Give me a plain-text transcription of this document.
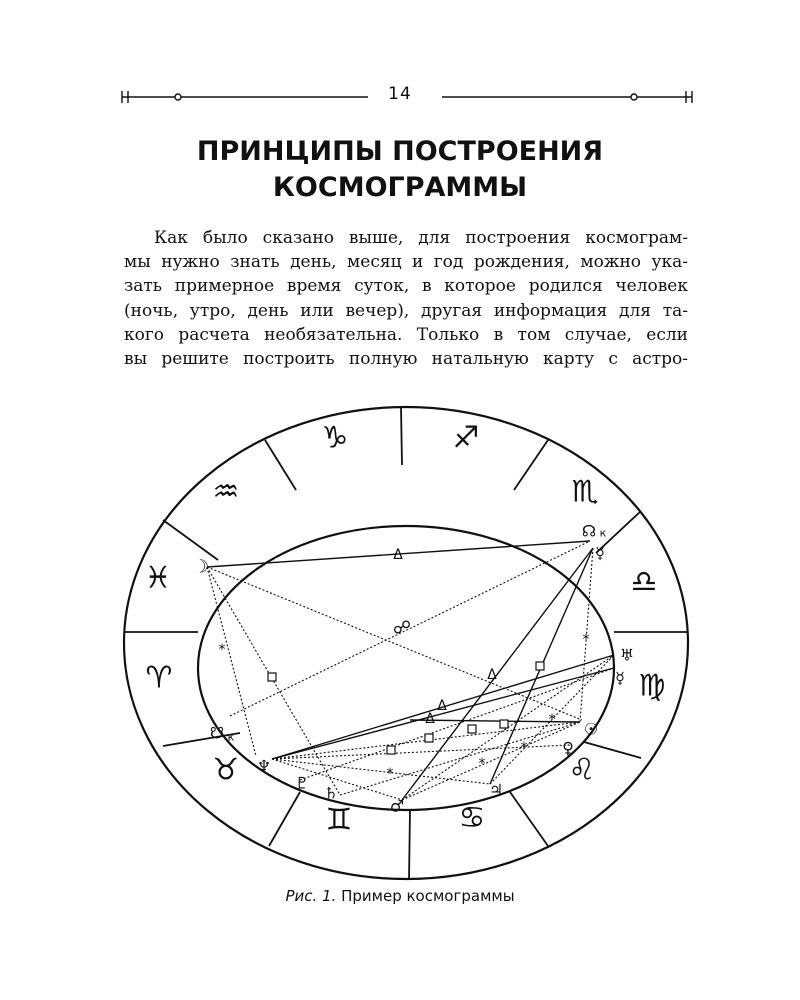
14
ПРИНЦИПЫ ПОСТРОЕНИЯ
КОСМОГРАММЫ
Как было сказано выше, для построения космограм-
мы нужно знать день, месяц и год рождения, можно ука-
зать примерное время суток, в которое родился человек
(ночь, утро, день или вечер), другая информация для та-
кого расчета необязательна. Только в том случае, если
вы решите построить полную натальную карту с астро-
♑	♐
♏
♎
♍
♌
♋
♊
♉
♈
♓
♒
Δ
Δ
Δ
Δ
☍
*
*
*
*
*
*
☽
☊ к
☿
♅
☿
☉
♀
♃
♂
♄
♇
♆
☋ к
Рис. 1. Пример космограммы
